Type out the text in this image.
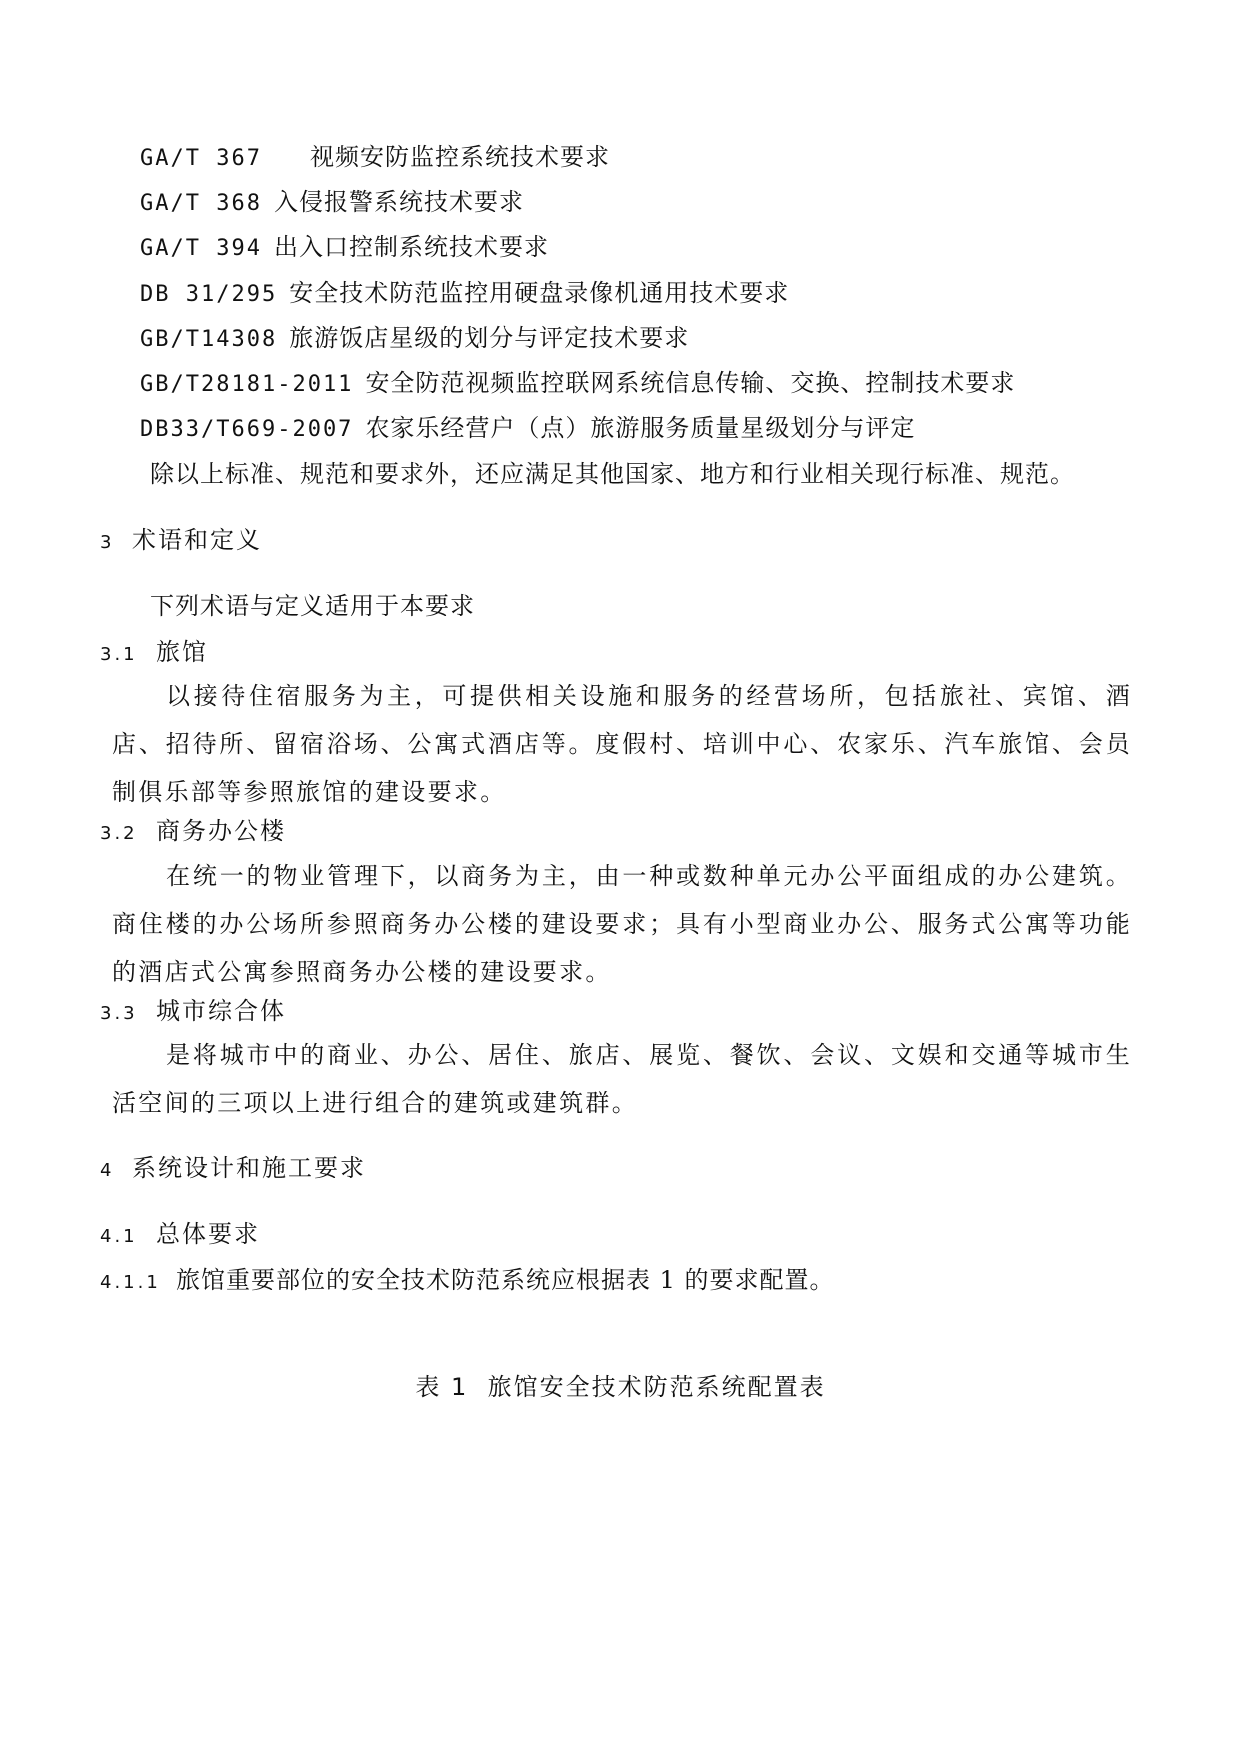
GA/T 367 视频安防监控系统技术要求
GA/T 368 入侵报警系统技术要求
GA/T 394 出入口控制系统技术要求
DB 31/295 安全技术防范监控用硬盘录像机通用技术要求
GB/T14308 旅游饭店星级的划分与评定技术要求
GB/T28181-2011 安全防范视频监控联网系统信息传输、交换、控制技术要求
DB33/T669-2007 农家乐经营户（点）旅游服务质量星级划分与评定
除以上标准、规范和要求外，还应满足其他国家、地方和行业相关现行标准、规范。
3 术语和定义
下列术语与定义适用于本要求
3.1 旅馆
以接待住宿服务为主，可提供相关设施和服务的经营场所，包括旅社、宾馆、酒店、招待所、留宿浴场、公寓式酒店等。度假村、培训中心、农家乐、汽车旅馆、会员制俱乐部等参照旅馆的建设要求。
3.2 商务办公楼
在统一的物业管理下，以商务为主，由一种或数种单元办公平面组成的办公建筑。商住楼的办公场所参照商务办公楼的建设要求；具有小型商业办公、服务式公寓等功能的酒店式公寓参照商务办公楼的建设要求。
3.3 城市综合体
是将城市中的商业、办公、居住、旅店、展览、餐饮、会议、文娱和交通等城市生活空间的三项以上进行组合的建筑或建筑群。
4 系统设计和施工要求
4.1 总体要求
4.1.1 旅馆重要部位的安全技术防范系统应根据表 1 的要求配置。
表 1  旅馆安全技术防范系统配置表
